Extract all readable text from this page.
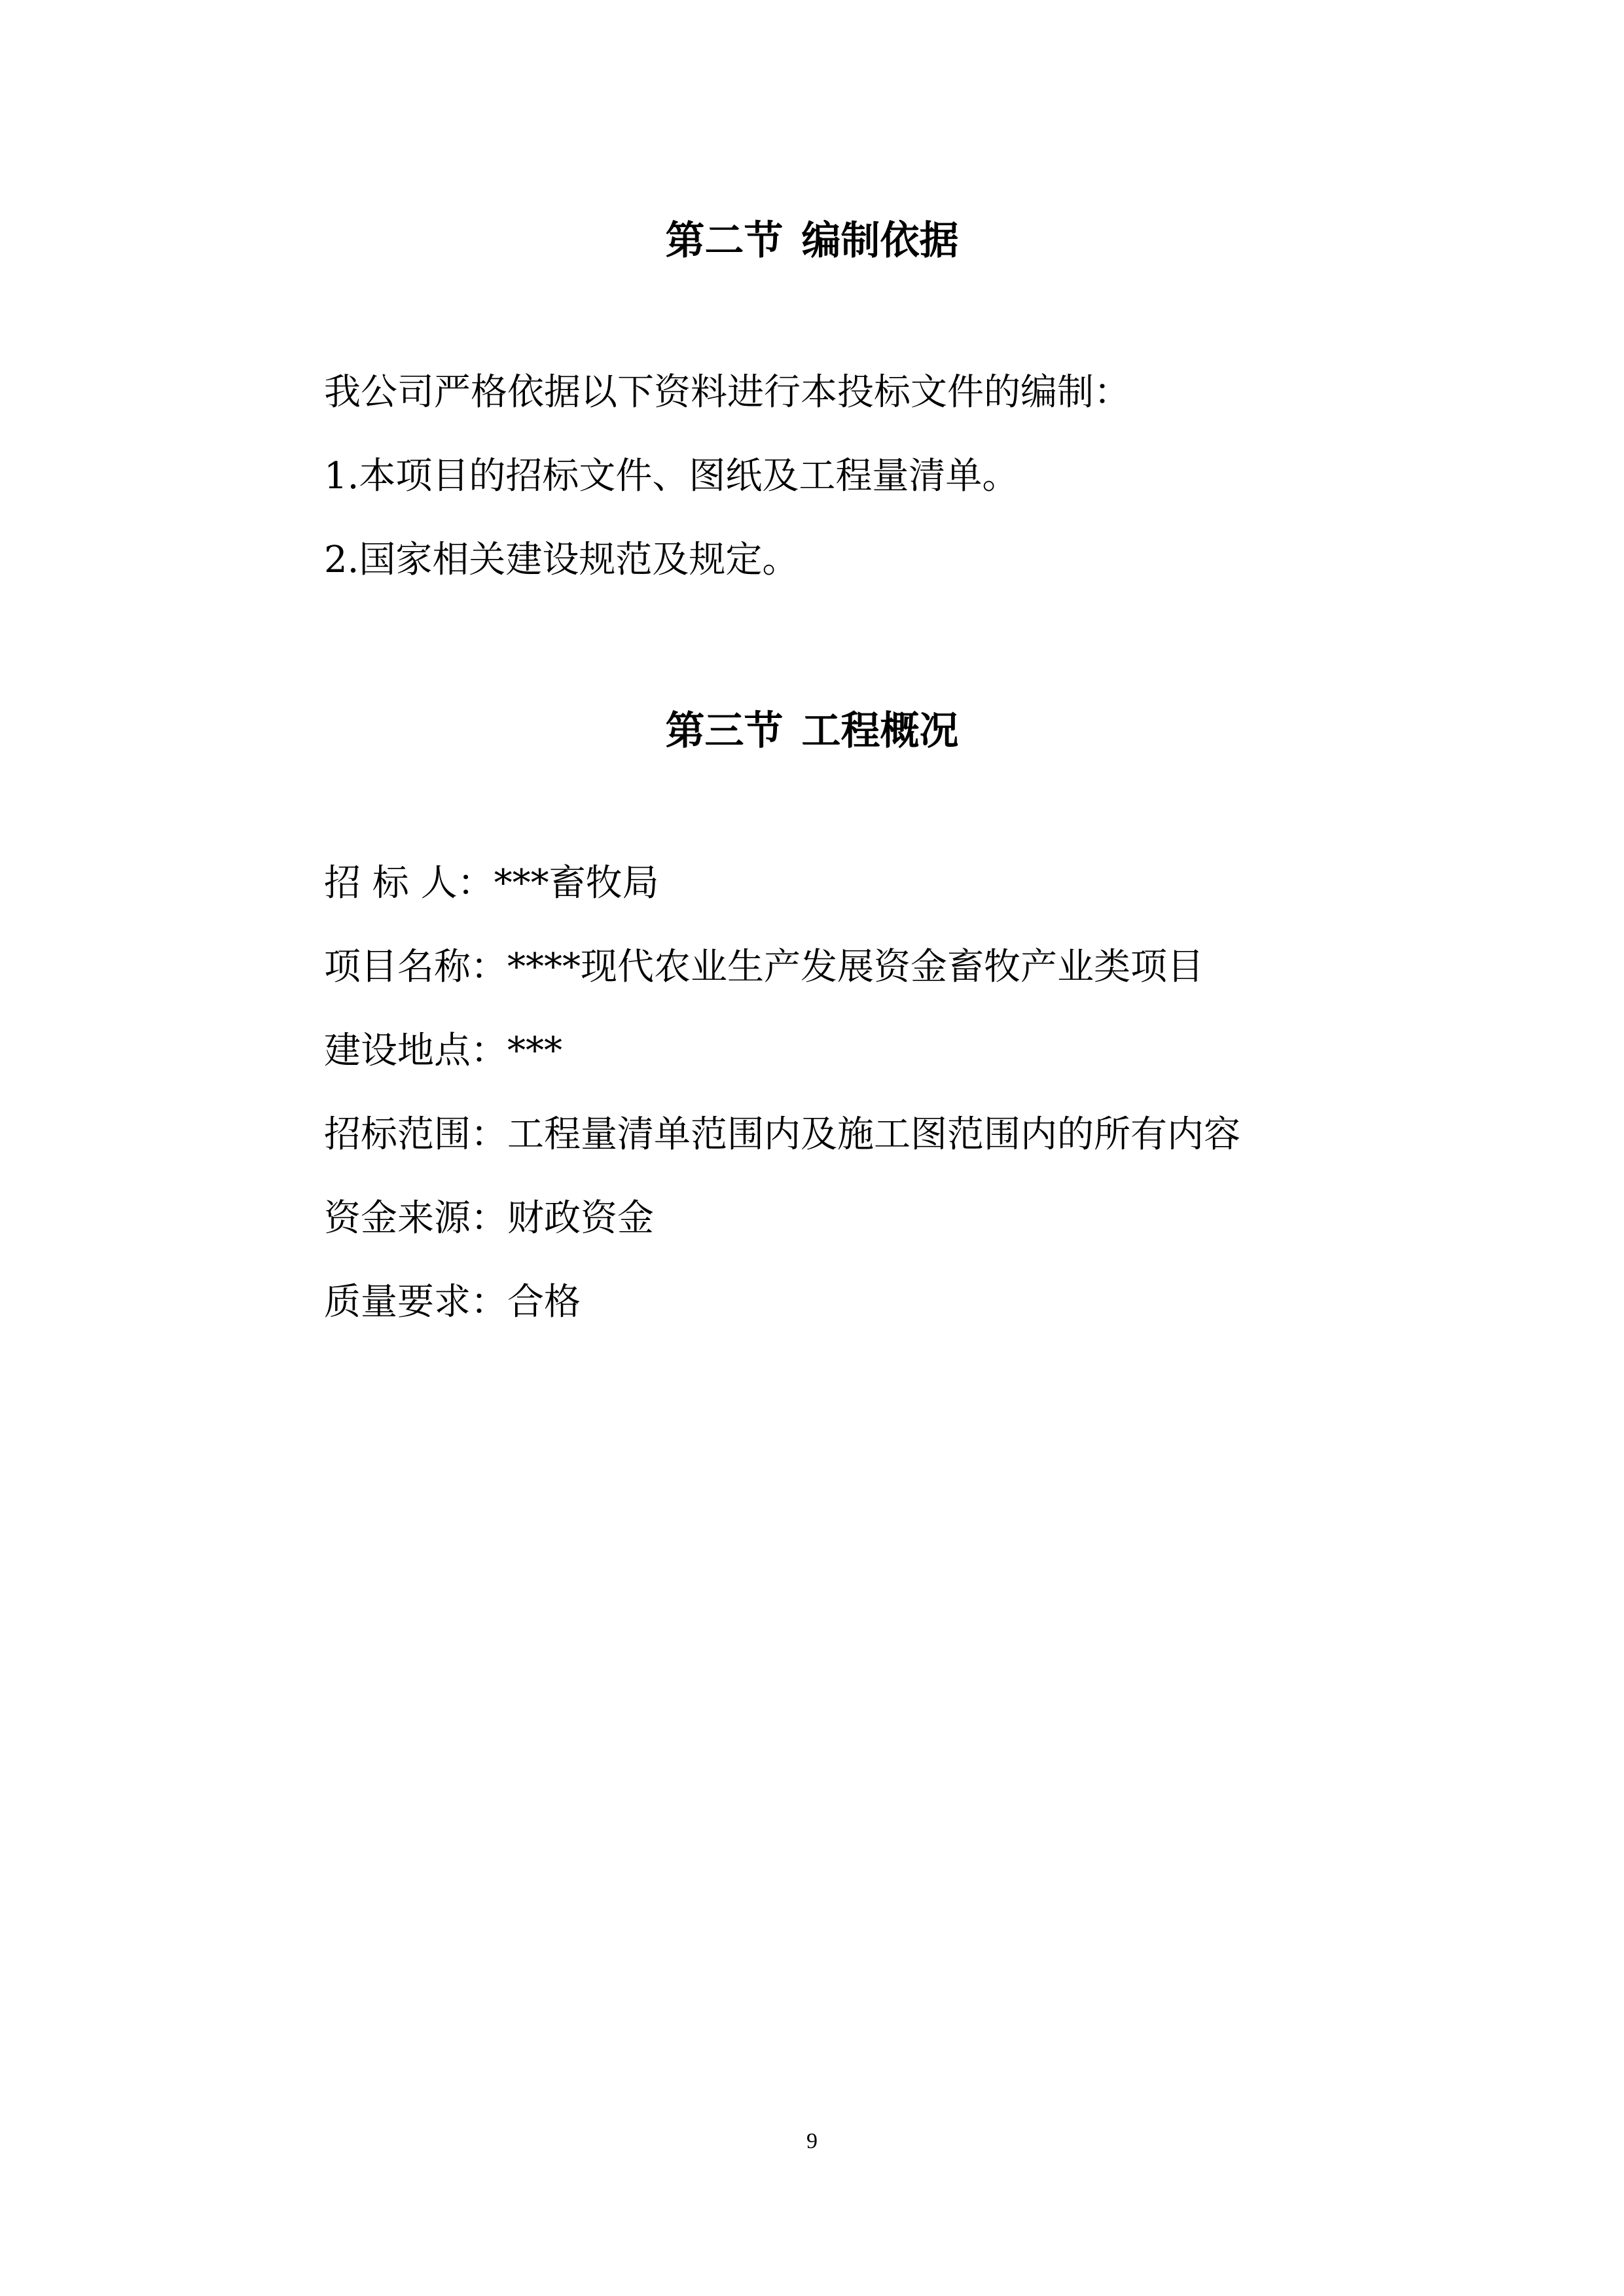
第二节 编制依据
我公司严格依据以下资料进行本投标文件的编制：
1.本项目的招标文件、图纸及工程量清单。
2.国家相关建设规范及规定。
第三节 工程概况
招 标 人：***畜牧局
项目名称：****现代农业生产发展资金畜牧产业类项目
建设地点：***
招标范围：工程量清单范围内及施工图范围内的所有内容
资金来源：财政资金
质量要求：合格
9
